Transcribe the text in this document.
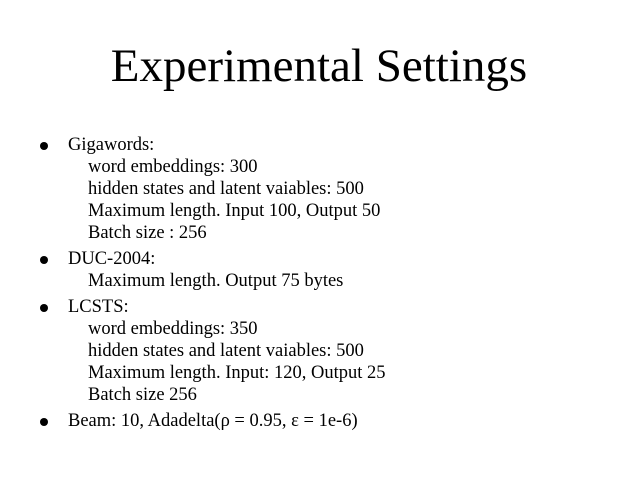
Experimental Settings
Gigawords:
word embeddings: 300
hidden states and latent vaiables: 500
Maximum length. Input 100, Output 50
Batch size : 256
DUC-2004:
Maximum length. Output 75 bytes
LCSTS:
word embeddings: 350
hidden states and latent vaiables: 500
Maximum length. Input: 120, Output 25
Batch size 256
Beam: 10, Adadelta(ρ = 0.95, ε = 1e-6)
